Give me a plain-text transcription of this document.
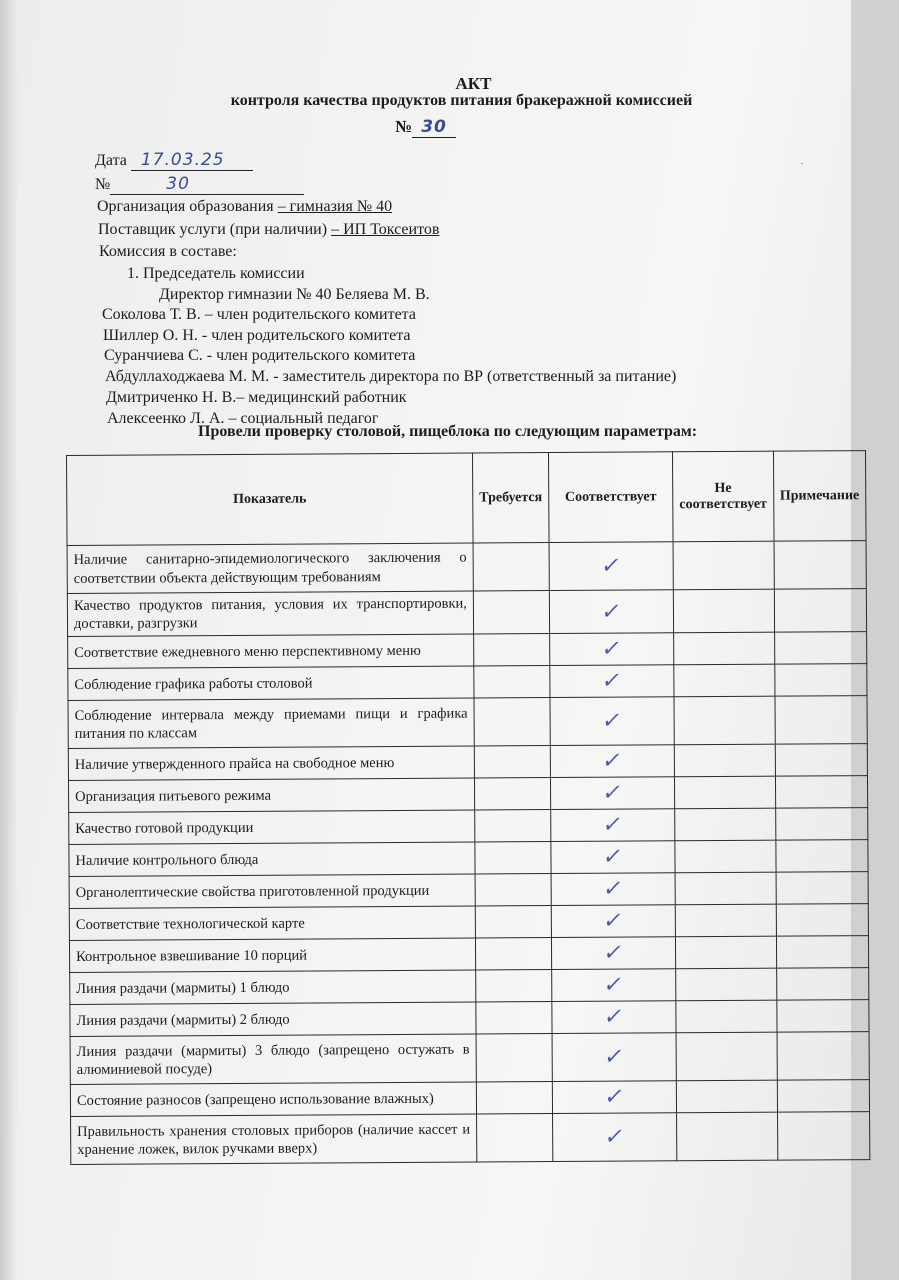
АКТ
контроля качества продуктов питания бракеражной комиссией
№ 30
Дата 17.03.25
№	30
Организация образования – гимназия № 40
Поставщик услуги (при наличии) – ИП Токсеитов
Комиссия в составе:
1. Председатель комиссии
Директор гимназии № 40 Беляева М. В.
Соколова Т. В. – член родительского комитета
Шиллер О. Н. - член родительского комитета
Суранчиева С. - член родительского комитета
Абдуллаходжаева М. М. - заместитель директора по ВР (ответственный за питание)
Дмитриченко Н. В.– медицинский работник
Алексеенко Л. А. – социальный педагог
Провели проверку столовой, пищеблока по следующим параметрам:
Показатель	Требуется	Соответствует	Не соответствует	Примечание
Наличие санитарно-эпидемиологического заключения о соответствии объекта действующим требованиям		✓		
Качество продуктов питания, условия их транспортировки, доставки, разгрузки		✓		
Соответствие ежедневного меню перспективному меню		✓		
Соблюдение графика работы столовой		✓		
Соблюдение интервала между приемами пищи и графика питания по классам		✓		
Наличие утвержденного прайса на свободное меню		✓		
Организация питьевого режима		✓		
Качество готовой продукции		✓		
Наличие контрольного блюда		✓		
Органолептические свойства приготовленной продукции		✓		
Соответствие технологической карте		✓		
Контрольное взвешивание 10 порций		✓		
Линия раздачи (мармиты) 1 блюдо		✓		
Линия раздачи (мармиты) 2 блюдо		✓		
Линия раздачи (мармиты) 3 блюдо (запрещено остужать в алюминиевой посуде)		✓		
Состояние разносов (запрещено использование влажных)		✓		
Правильность хранения столовых приборов (наличие кассет и хранение ложек, вилок ручками вверх)		✓		
